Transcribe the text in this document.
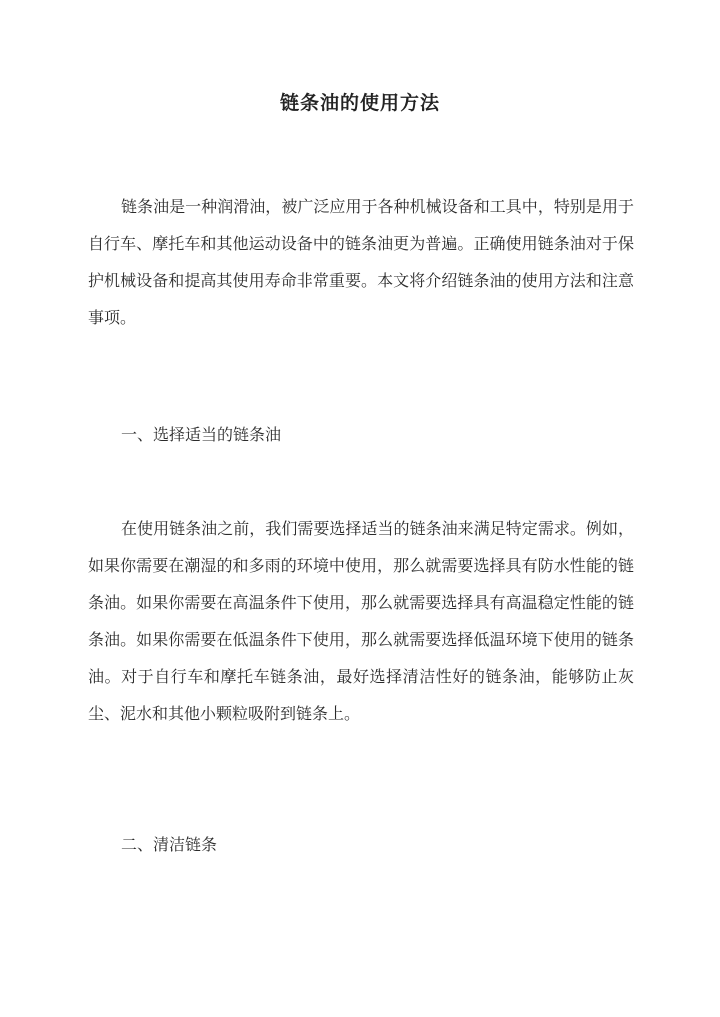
链条油的使用方法

链条油是一种润滑油，被广泛应用于各种机械设备和工具中，特别是用于自行车、摩托车和其他运动设备中的链条油更为普遍。正确使用链条油对于保护机械设备和提高其使用寿命非常重要。本文将介绍链条油的使用方法和注意事项。

一、选择适当的链条油

在使用链条油之前，我们需要选择适当的链条油来满足特定需求。例如，如果你需要在潮湿的和多雨的环境中使用，那么就需要选择具有防水性能的链条油。如果你需要在高温条件下使用，那么就需要选择具有高温稳定性能的链条油。如果你需要在低温条件下使用，那么就需要选择低温环境下使用的链条油。对于自行车和摩托车链条油，最好选择清洁性好的链条油，能够防止灰尘、泥水和其他小颗粒吸附到链条上。

二、清洁链条
